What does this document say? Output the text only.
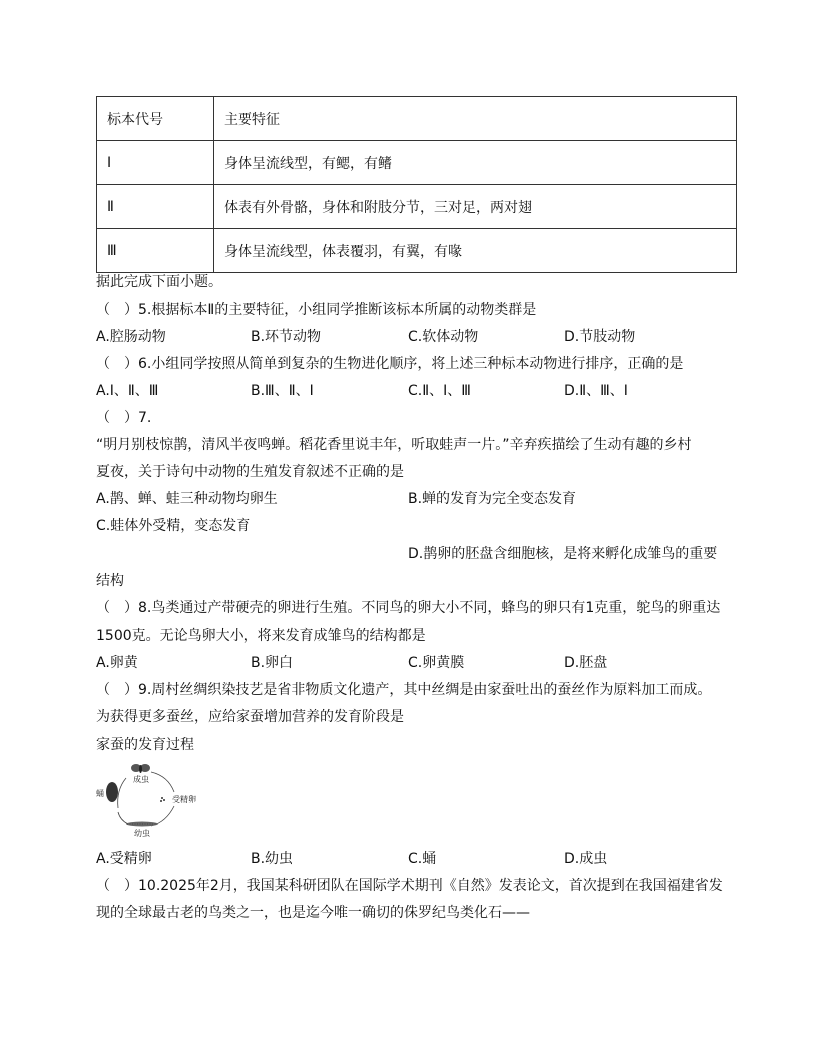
标本代号	主要特征
Ⅰ	身体呈流线型，有鳃，有鳍
Ⅱ	体表有外骨骼，身体和附肢分节，三对足，两对翅
Ⅲ	身体呈流线型，体表覆羽，有翼，有喙
据此完成下面小题。
（　）5.根据标本Ⅱ的主要特征，小组同学推断该标本所属的动物类群是
A.腔肠动物	B.环节动物	C.软体动物	D.节肢动物
（　）6.小组同学按照从简单到复杂的生物进化顺序，将上述三种标本动物进行排序，正确的是
A.Ⅰ、Ⅱ、Ⅲ	B.Ⅲ、Ⅱ、Ⅰ	C.Ⅱ、Ⅰ、Ⅲ	D.Ⅱ、Ⅲ、Ⅰ
（　）7.
“明月别枝惊鹊，清风半夜鸣蝉。稻花香里说丰年，听取蛙声一片。”辛弃疾描绘了生动有趣的乡村
夏夜，关于诗句中动物的生殖发育叙述不正确的是
A.鹊、蝉、蛙三种动物均卵生	B.蝉的发育为完全变态发育
C.蛙体外受精，变态发育
D.鹊卵的胚盘含细胞核，是将来孵化成雏鸟的重要
结构
（　）8.鸟类通过产带硬壳的卵进行生殖。不同鸟的卵大小不同，蜂鸟的卵只有1克重，鸵鸟的卵重达
1500克。无论鸟卵大小，将来发育成雏鸟的结构都是
A.卵黄	B.卵白	C.卵黄膜	D.胚盘
（　）9.周村丝绸织染技艺是省非物质文化遗产，其中丝绸是由家蚕吐出的蚕丝作为原料加工而成。
为获得更多蚕丝，应给家蚕增加营养的发育阶段是
家蚕的发育过程
成虫
蛹
受精卵
幼虫
A.受精卵	B.幼虫	C.蛹	D.成虫
（　）10.2025年2月，我国某科研团队在国际学术期刊《自然》发表论文，首次提到在我国福建省发
现的全球最古老的鸟类之一，也是迄今唯一确切的侏罗纪鸟类化石——
